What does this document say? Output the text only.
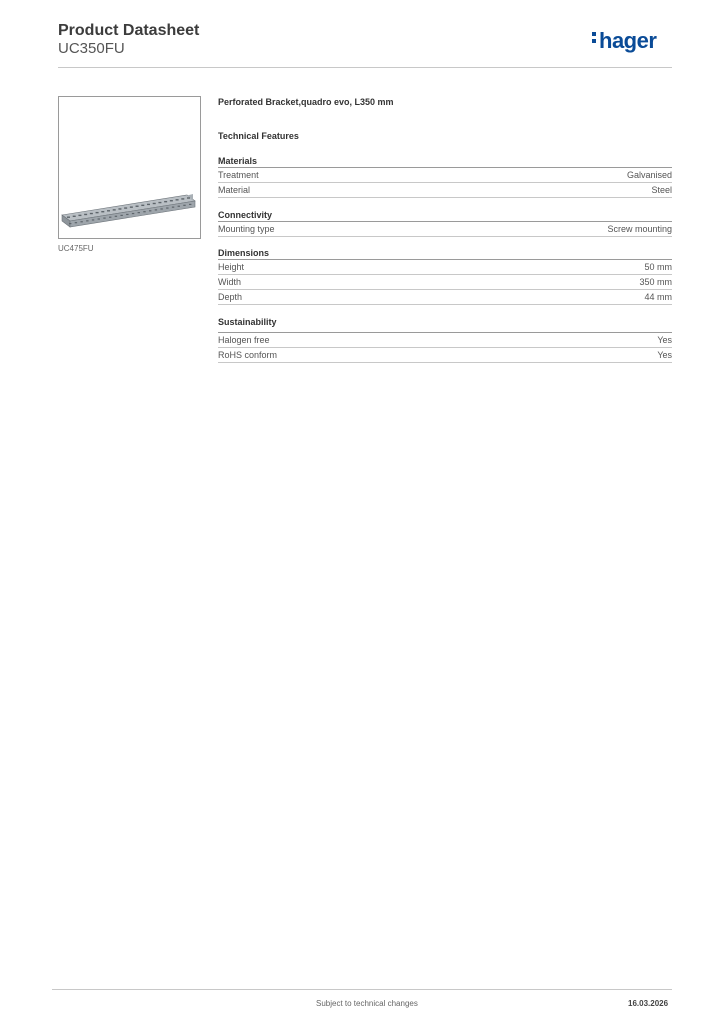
Product Datasheet
UC350FU	hager
UC475FU
Perforated Bracket,quadro evo, L350 mm
Technical Features
Materials
Treatment	Galvanised
Material	Steel
Connectivity
Mounting type	Screw mounting
Dimensions
Height	50 mm
Width	350 mm
Depth	44 mm
Sustainability
Halogen free	Yes
RoHS conform	Yes
Subject to technical changes	16.03.2026
